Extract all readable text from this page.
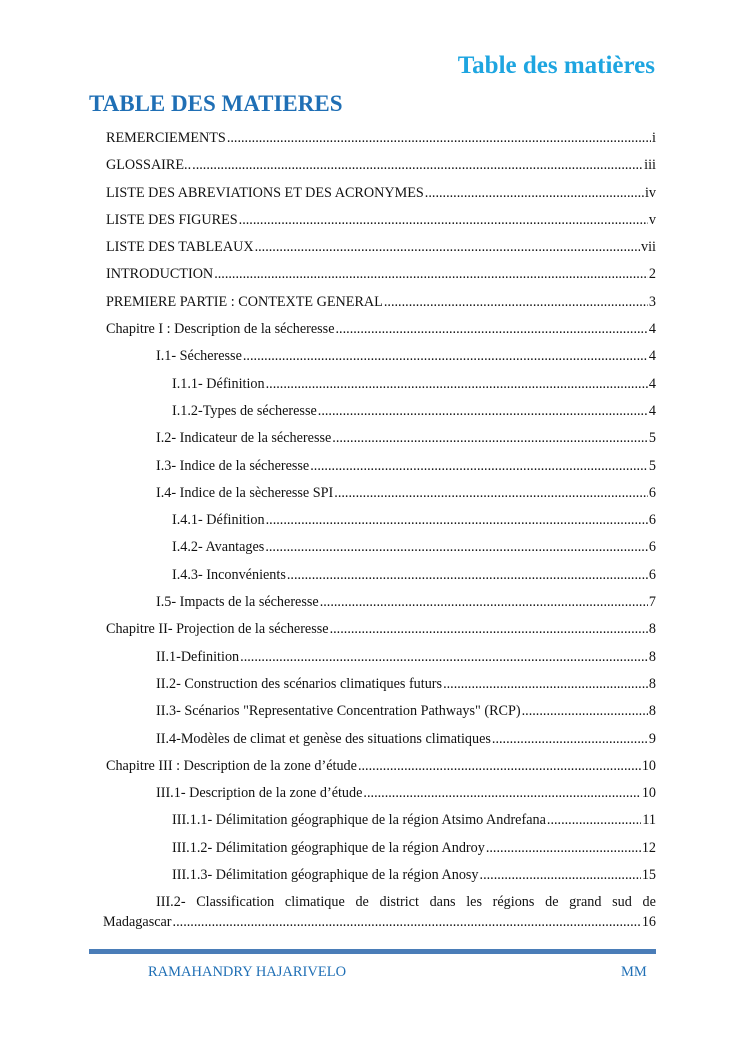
Table des matières
TABLE DES MATIERES
REMERCIEMENTS .....	i
GLOSSAIRE.. .....	iii
LISTE DES ABREVIATIONS ET DES ACRONYMES .....	iv
LISTE DES FIGURES .....	v
LISTE DES TABLEAUX .....	vii
INTRODUCTION .....	2
PREMIERE PARTIE : CONTEXTE GENERAL .....	3
Chapitre I : Description de la sécheresse .....	4
I.1- Sécheresse .....	4
I.1.1- Définition .....	4
I.1.2-Types de sécheresse .....	4
I.2- Indicateur de la sécheresse .....	5
I.3- Indice de la sécheresse .....	5
I.4- Indice de la sècheresse SPI .....	6
I.4.1- Définition .....	6
I.4.2- Avantages .....	6
I.4.3- Inconvénients .....	6
I.5- Impacts de la sécheresse .....	7
Chapitre II- Projection de la sécheresse .....	8
II.1-Definition .....	8
II.2- Construction des scénarios climatiques futurs .....	8
II.3- Scénarios "Representative Concentration Pathways" (RCP) .....	8
II.4-Modèles de climat et genèse des situations climatiques .....	9
Chapitre III : Description de la zone d’étude .....	10
III.1- Description de la zone d’étude .....	10
III.1.1- Délimitation géographique de la région Atsimo Andrefana .....	11
III.1.2- Délimitation géographique de la région Androy .....	12
III.1.3- Délimitation géographique de la région Anosy .....	15
III.2- Classification climatique de district dans les régions de grand sud de
Madagascar .....	16
RAMAHANDRY HAJARIVELO	MM
